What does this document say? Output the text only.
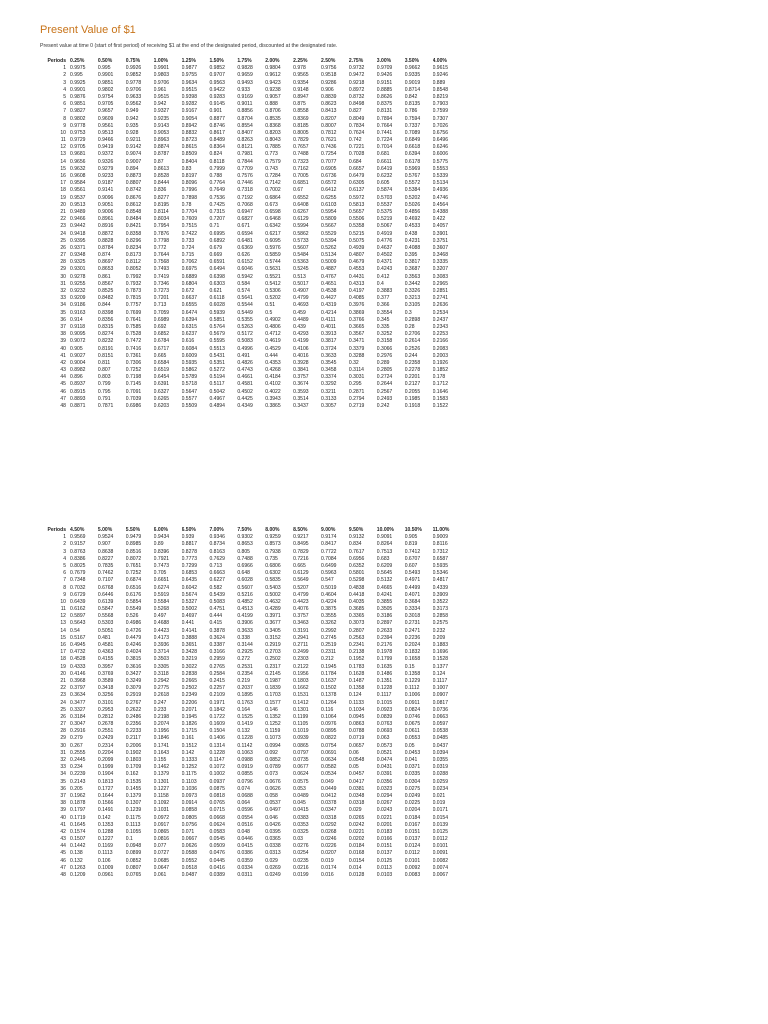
Present Value of $1
Present value at time 0 (start of first period) of receiving $1 at the end of the designated period, discounted at the designated rate.
Periods	0.25%	0.50%	0.75%	1.00%	1.25%	1.50%	1.75%	2.00%	2.25%	2.50%	2.75%	3.00%	3.50%	4.00%
1	0.9975	0.995	0.9926	0.9901	0.9877	0.9852	0.9828	0.9804	0.978	0.9756	0.9732	0.9709	0.9662	0.9615
2	0.995	0.9901	0.9852	0.9803	0.9755	0.9707	0.9659	0.9612	0.9565	0.9518	0.9472	0.9426	0.9335	0.9246
3	0.9925	0.9851	0.9778	0.9706	0.9634	0.9563	0.9493	0.9423	0.9354	0.9286	0.9218	0.9151	0.9019	0.889
4	0.9901	0.9802	0.9706	0.961	0.9515	0.9422	0.933	0.9238	0.9148	0.906	0.8972	0.8885	0.8714	0.8548
5	0.9876	0.9754	0.9633	0.9515	0.9398	0.9283	0.9169	0.9057	0.8947	0.8839	0.8732	0.8626	0.842	0.8219
6	0.9851	0.9705	0.9562	0.942	0.9282	0.9145	0.9011	0.888	0.875	0.8623	0.8498	0.8375	0.8135	0.7903
7	0.9827	0.9657	0.949	0.9327	0.9167	0.901	0.8856	0.8706	0.8558	0.8413	0.827	0.8131	0.786	0.7599
8	0.9802	0.9609	0.942	0.9235	0.9054	0.8877	0.8704	0.8535	0.8369	0.8207	0.8049	0.7894	0.7594	0.7307
9	0.9778	0.9561	0.935	0.9143	0.8942	0.8746	0.8554	0.8368	0.8185	0.8007	0.7834	0.7664	0.7337	0.7026
10	0.9753	0.9513	0.928	0.9053	0.8832	0.8617	0.8407	0.8203	0.8005	0.7812	0.7624	0.7441	0.7089	0.6756
11	0.9729	0.9466	0.9211	0.8963	0.8723	0.8489	0.8263	0.8043	0.7829	0.7621	0.742	0.7224	0.6849	0.6496
12	0.9705	0.9419	0.9142	0.8874	0.8615	0.8364	0.8121	0.7885	0.7657	0.7436	0.7221	0.7014	0.6618	0.6246
13	0.9681	0.9372	0.9074	0.8787	0.8509	0.824	0.7981	0.773	0.7488	0.7254	0.7028	0.681	0.6394	0.6006
14	0.9656	0.9326	0.9007	0.87	0.8404	0.8118	0.7844	0.7579	0.7323	0.7077	0.684	0.6611	0.6178	0.5775
15	0.9632	0.9279	0.894	0.8613	0.83	0.7999	0.7709	0.743	0.7162	0.6905	0.6657	0.6419	0.5969	0.5553
16	0.9608	0.9233	0.8873	0.8528	0.8197	0.788	0.7576	0.7284	0.7005	0.6736	0.6479	0.6232	0.5767	0.5339
17	0.9584	0.9187	0.8807	0.8444	0.8096	0.7764	0.7446	0.7142	0.6851	0.6572	0.6305	0.605	0.5572	0.5134
18	0.9561	0.9141	0.8742	0.836	0.7996	0.7649	0.7318	0.7002	0.67	0.6412	0.6137	0.5874	0.5384	0.4936
19	0.9537	0.9096	0.8676	0.8277	0.7898	0.7536	0.7192	0.6864	0.6552	0.6255	0.5972	0.5703	0.5202	0.4746
20	0.9513	0.9051	0.8612	0.8195	0.78	0.7425	0.7068	0.673	0.6408	0.6103	0.5813	0.5537	0.5026	0.4564
21	0.9489	0.9006	0.8548	0.8114	0.7704	0.7315	0.6947	0.6598	0.6267	0.5954	0.5657	0.5375	0.4856	0.4388
22	0.9466	0.8961	0.8484	0.8034	0.7609	0.7207	0.6827	0.6468	0.6129	0.5809	0.5506	0.5219	0.4692	0.422
23	0.9442	0.8916	0.8421	0.7954	0.7515	0.71	0.671	0.6342	0.5994	0.5667	0.5358	0.5067	0.4533	0.4057
24	0.9418	0.8872	0.8358	0.7876	0.7422	0.6995	0.6594	0.6217	0.5862	0.5529	0.5215	0.4919	0.438	0.3901
25	0.9395	0.8828	0.8296	0.7798	0.733	0.6892	0.6481	0.6095	0.5733	0.5394	0.5075	0.4776	0.4231	0.3751
26	0.9371	0.8784	0.8234	0.772	0.724	0.679	0.6369	0.5976	0.5607	0.5262	0.4939	0.4637	0.4088	0.3607
27	0.9348	0.874	0.8173	0.7644	0.715	0.669	0.626	0.5859	0.5484	0.5134	0.4807	0.4502	0.395	0.3468
28	0.9325	0.8697	0.8112	0.7568	0.7062	0.6591	0.6152	0.5744	0.5363	0.5009	0.4679	0.4371	0.3817	0.3335
29	0.9301	0.8653	0.8052	0.7493	0.6975	0.6494	0.6046	0.5631	0.5245	0.4887	0.4553	0.4243	0.3687	0.3207
30	0.9278	0.861	0.7992	0.7419	0.6889	0.6398	0.5942	0.5521	0.513	0.4767	0.4431	0.412	0.3563	0.3083
31	0.9255	0.8567	0.7932	0.7346	0.6804	0.6303	0.584	0.5412	0.5017	0.4651	0.4313	0.4	0.3442	0.2965
32	0.9232	0.8525	0.7873	0.7273	0.672	0.621	0.574	0.5306	0.4907	0.4538	0.4197	0.3883	0.3326	0.2851
33	0.9209	0.8482	0.7815	0.7201	0.6637	0.6118	0.5641	0.5202	0.4799	0.4427	0.4085	0.377	0.3213	0.2741
34	0.9186	0.844	0.7757	0.713	0.6555	0.6028	0.5544	0.51	0.4693	0.4319	0.3976	0.366	0.3105	0.2636
35	0.9163	0.8398	0.7699	0.7059	0.6474	0.5939	0.5449	0.5	0.459	0.4214	0.3869	0.3554	0.3	0.2534
36	0.914	0.8356	0.7641	0.6989	0.6394	0.5851	0.5355	0.4902	0.4489	0.4111	0.3766	0.345	0.2898	0.2437
37	0.9118	0.8315	0.7585	0.692	0.6315	0.5764	0.5263	0.4806	0.439	0.4011	0.3665	0.335	0.28	0.2343
38	0.9095	0.8274	0.7528	0.6852	0.6237	0.5679	0.5172	0.4712	0.4293	0.3913	0.3567	0.3252	0.2706	0.2253
39	0.9072	0.8232	0.7472	0.6784	0.616	0.5595	0.5083	0.4619	0.4199	0.3817	0.3471	0.3158	0.2614	0.2166
40	0.905	0.8191	0.7416	0.6717	0.6084	0.5513	0.4996	0.4529	0.4106	0.3724	0.3379	0.3066	0.2526	0.2083
41	0.9027	0.8151	0.7361	0.665	0.6009	0.5431	0.491	0.444	0.4016	0.3633	0.3288	0.2976	0.244	0.2003
42	0.9004	0.811	0.7306	0.6584	0.5935	0.5351	0.4826	0.4353	0.3928	0.3545	0.32	0.289	0.2358	0.1926
43	0.8982	0.807	0.7252	0.6519	0.5862	0.5272	0.4743	0.4268	0.3841	0.3458	0.3114	0.2805	0.2278	0.1852
44	0.896	0.803	0.7198	0.6454	0.5789	0.5194	0.4661	0.4184	0.3757	0.3374	0.3031	0.2724	0.2201	0.178
45	0.8937	0.799	0.7145	0.6391	0.5718	0.5117	0.4581	0.4102	0.3674	0.3292	0.295	0.2644	0.2127	0.1712
46	0.8915	0.795	0.7091	0.6327	0.5647	0.5042	0.4502	0.4022	0.3593	0.3211	0.2871	0.2567	0.2055	0.1646
47	0.8893	0.791	0.7039	0.6265	0.5577	0.4967	0.4425	0.3943	0.3514	0.3133	0.2794	0.2493	0.1985	0.1583
48	0.8871	0.7871	0.6986	0.6203	0.5509	0.4894	0.4349	0.3865	0.3437	0.3057	0.2719	0.242	0.1918	0.1522
Periods	4.50%	5.00%	5.50%	6.00%	6.50%	7.00%	7.50%	8.00%	8.50%	9.00%	9.50%	10.00%	10.50%	11.00%
1	0.9569	0.9524	0.9479	0.9434	0.939	0.9346	0.9302	0.9259	0.9217	0.9174	0.9132	0.9091	0.905	0.9009
2	0.9157	0.907	0.8985	0.89	0.8817	0.8734	0.8653	0.8573	0.8495	0.8417	0.834	0.8264	0.819	0.8116
3	0.8763	0.8638	0.8516	0.8396	0.8278	0.8163	0.805	0.7938	0.7829	0.7722	0.7617	0.7513	0.7412	0.7312
4	0.8386	0.8227	0.8072	0.7921	0.7773	0.7629	0.7488	0.735	0.7216	0.7084	0.6956	0.683	0.6707	0.6587
5	0.8025	0.7835	0.7651	0.7473	0.7299	0.713	0.6966	0.6806	0.665	0.6499	0.6352	0.6209	0.607	0.5935
6	0.7679	0.7462	0.7252	0.705	0.6853	0.6663	0.648	0.6302	0.6129	0.5963	0.5801	0.5645	0.5493	0.5346
7	0.7348	0.7107	0.6874	0.6651	0.6435	0.6227	0.6028	0.5835	0.5649	0.547	0.5298	0.5132	0.4971	0.4817
8	0.7032	0.6768	0.6516	0.6274	0.6042	0.582	0.5607	0.5403	0.5207	0.5019	0.4838	0.4665	0.4499	0.4339
9	0.6729	0.6446	0.6176	0.5919	0.5674	0.5439	0.5216	0.5002	0.4799	0.4604	0.4418	0.4241	0.4071	0.3909
10	0.6439	0.6139	0.5854	0.5584	0.5327	0.5083	0.4852	0.4632	0.4423	0.4224	0.4035	0.3855	0.3684	0.3522
11	0.6162	0.5847	0.5549	0.5268	0.5002	0.4751	0.4513	0.4289	0.4076	0.3875	0.3685	0.3505	0.3334	0.3173
12	0.5897	0.5568	0.526	0.497	0.4697	0.444	0.4199	0.3971	0.3757	0.3555	0.3365	0.3186	0.3018	0.2858
13	0.5643	0.5303	0.4986	0.4688	0.441	0.415	0.3906	0.3677	0.3463	0.3262	0.3073	0.2897	0.2731	0.2575
14	0.54	0.5051	0.4726	0.4423	0.4141	0.3878	0.3633	0.3405	0.3191	0.2992	0.2807	0.2633	0.2471	0.232
15	0.5167	0.481	0.4479	0.4173	0.3888	0.3624	0.338	0.3152	0.2941	0.2745	0.2563	0.2394	0.2236	0.209
16	0.4945	0.4581	0.4246	0.3936	0.3651	0.3387	0.3144	0.2919	0.2711	0.2519	0.2341	0.2176	0.2024	0.1883
17	0.4732	0.4363	0.4024	0.3714	0.3428	0.3166	0.2925	0.2703	0.2499	0.2311	0.2138	0.1978	0.1832	0.1696
18	0.4528	0.4155	0.3815	0.3503	0.3219	0.2959	0.272	0.2502	0.2303	0.212	0.1952	0.1799	0.1658	0.1528
19	0.4333	0.3957	0.3616	0.3305	0.3022	0.2765	0.2531	0.2317	0.2122	0.1945	0.1783	0.1635	0.15	0.1377
20	0.4146	0.3769	0.3427	0.3118	0.2838	0.2584	0.2354	0.2145	0.1956	0.1784	0.1628	0.1486	0.1358	0.124
21	0.3968	0.3589	0.3249	0.2942	0.2665	0.2415	0.219	0.1987	0.1803	0.1637	0.1487	0.1351	0.1229	0.1117
22	0.3797	0.3418	0.3079	0.2775	0.2502	0.2257	0.2037	0.1839	0.1662	0.1502	0.1358	0.1228	0.1112	0.1007
23	0.3634	0.3256	0.2919	0.2618	0.2349	0.2109	0.1895	0.1703	0.1531	0.1378	0.124	0.1117	0.1006	0.0907
24	0.3477	0.3101	0.2767	0.247	0.2206	0.1971	0.1763	0.1577	0.1412	0.1264	0.1133	0.1015	0.0911	0.0817
25	0.3327	0.2953	0.2622	0.233	0.2071	0.1842	0.164	0.146	0.1301	0.116	0.1034	0.0923	0.0824	0.0736
26	0.3184	0.2812	0.2486	0.2198	0.1945	0.1722	0.1525	0.1352	0.1199	0.1064	0.0945	0.0839	0.0746	0.0663
27	0.3047	0.2678	0.2356	0.2074	0.1826	0.1609	0.1419	0.1252	0.1105	0.0976	0.0863	0.0763	0.0675	0.0597
28	0.2916	0.2551	0.2233	0.1956	0.1715	0.1504	0.132	0.1159	0.1019	0.0895	0.0788	0.0693	0.0611	0.0538
29	0.279	0.2429	0.2117	0.1846	0.161	0.1406	0.1228	0.1073	0.0939	0.0822	0.0719	0.063	0.0553	0.0485
30	0.267	0.2314	0.2006	0.1741	0.1512	0.1314	0.1142	0.0994	0.0865	0.0754	0.0657	0.0573	0.05	0.0437
31	0.2555	0.2204	0.1902	0.1643	0.142	0.1228	0.1063	0.092	0.0797	0.0691	0.06	0.0521	0.0453	0.0394
32	0.2445	0.2099	0.1803	0.155	0.1333	0.1147	0.0988	0.0852	0.0735	0.0634	0.0548	0.0474	0.041	0.0355
33	0.234	0.1999	0.1709	0.1462	0.1252	0.1072	0.0919	0.0789	0.0677	0.0582	0.05	0.0431	0.0371	0.0319
34	0.2239	0.1904	0.162	0.1379	0.1175	0.1002	0.0855	0.073	0.0624	0.0534	0.0457	0.0391	0.0335	0.0288
35	0.2143	0.1813	0.1535	0.1301	0.1103	0.0937	0.0796	0.0676	0.0575	0.049	0.0417	0.0356	0.0304	0.0259
36	0.205	0.1727	0.1455	0.1227	0.1036	0.0875	0.074	0.0626	0.053	0.0449	0.0381	0.0323	0.0275	0.0234
37	0.1962	0.1644	0.1379	0.1158	0.0973	0.0818	0.0688	0.058	0.0489	0.0412	0.0348	0.0294	0.0249	0.021
38	0.1878	0.1566	0.1307	0.1092	0.0914	0.0765	0.064	0.0537	0.045	0.0378	0.0318	0.0267	0.0225	0.019
39	0.1797	0.1491	0.1239	0.1031	0.0858	0.0715	0.0596	0.0497	0.0415	0.0347	0.029	0.0243	0.0204	0.0171
40	0.1719	0.142	0.1175	0.0972	0.0805	0.0668	0.0554	0.046	0.0383	0.0318	0.0265	0.0221	0.0184	0.0154
41	0.1645	0.1353	0.1113	0.0917	0.0756	0.0624	0.0516	0.0426	0.0353	0.0292	0.0242	0.0201	0.0167	0.0139
42	0.1574	0.1288	0.1055	0.0865	0.071	0.0583	0.048	0.0395	0.0325	0.0268	0.0221	0.0183	0.0151	0.0125
43	0.1507	0.1227	0.1	0.0816	0.0667	0.0545	0.0446	0.0365	0.03	0.0246	0.0202	0.0166	0.0137	0.0112
44	0.1442	0.1169	0.0948	0.077	0.0626	0.0509	0.0415	0.0338	0.0276	0.0226	0.0184	0.0151	0.0124	0.0101
45	0.138	0.1113	0.0899	0.0727	0.0588	0.0476	0.0386	0.0313	0.0254	0.0207	0.0168	0.0137	0.0112	0.0091
46	0.132	0.106	0.0852	0.0685	0.0552	0.0445	0.0359	0.029	0.0235	0.019	0.0154	0.0125	0.0101	0.0082
47	0.1263	0.1009	0.0807	0.0647	0.0518	0.0416	0.0334	0.0269	0.0216	0.0174	0.014	0.0113	0.0092	0.0074
48	0.1209	0.0961	0.0765	0.061	0.0487	0.0389	0.0311	0.0249	0.0199	0.016	0.0128	0.0103	0.0083	0.0067
